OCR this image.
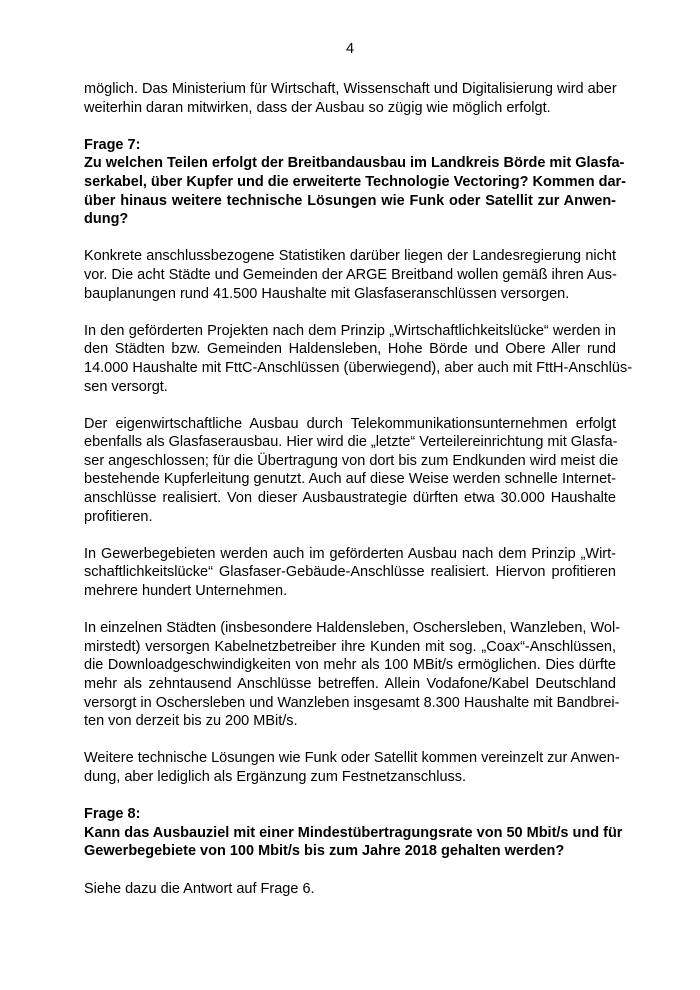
4
möglich. Das Ministerium für Wirtschaft, Wissenschaft und Digitalisierung wird aber
weiterhin daran mitwirken, dass der Ausbau so zügig wie möglich erfolgt.
Frage 7:
Zu welchen Teilen erfolgt der Breitbandausbau im Landkreis Börde mit Glasfa-
serkabel, über Kupfer und die erweiterte Technologie Vectoring? Kommen dar-
über hinaus weitere technische Lösungen wie Funk oder Satellit zur Anwen-
dung?
Konkrete anschlussbezogene Statistiken darüber liegen der Landesregierung nicht
vor. Die acht Städte und Gemeinden der ARGE Breitband wollen gemäß ihren Aus-
bauplanungen rund 41.500 Haushalte mit Glasfaseranschlüssen versorgen.
In den geförderten Projekten nach dem Prinzip „Wirtschaftlichkeitslücke“ werden in
den Städten bzw. Gemeinden Haldensleben, Hohe Börde und Obere Aller rund
14.000 Haushalte mit FttC-Anschlüssen (überwiegend), aber auch mit FttH-Anschlüs-
sen versorgt.
Der eigenwirtschaftliche Ausbau durch Telekommunikationsunternehmen erfolgt
ebenfalls als Glasfaserausbau. Hier wird die „letzte“ Verteilereinrichtung mit Glasfa-
ser angeschlossen; für die Übertragung von dort bis zum Endkunden wird meist die
bestehende Kupferleitung genutzt. Auch auf diese Weise werden schnelle Internet-
anschlüsse realisiert. Von dieser Ausbaustrategie dürften etwa 30.000 Haushalte
profitieren.
In Gewerbegebieten werden auch im geförderten Ausbau nach dem Prinzip „Wirt-
schaftlichkeitslücke“ Glasfaser-Gebäude-Anschlüsse realisiert. Hiervon profitieren
mehrere hundert Unternehmen.
In einzelnen Städten (insbesondere Haldensleben, Oschersleben, Wanzleben, Wol-
mirstedt) versorgen Kabelnetzbetreiber ihre Kunden mit sog. „Coax“-Anschlüssen,
die Downloadgeschwindigkeiten von mehr als 100 MBit/s ermöglichen. Dies dürfte
mehr als zehntausend Anschlüsse betreffen. Allein Vodafone/Kabel Deutschland
versorgt in Oschersleben und Wanzleben insgesamt 8.300 Haushalte mit Bandbrei-
ten von derzeit bis zu 200 MBit/s.
Weitere technische Lösungen wie Funk oder Satellit kommen vereinzelt zur Anwen-
dung, aber lediglich als Ergänzung zum Festnetzanschluss.
Frage 8:
Kann das Ausbauziel mit einer Mindestübertragungsrate von 50 Mbit/s und für
Gewerbegebiete von 100 Mbit/s bis zum Jahre 2018 gehalten werden?
Siehe dazu die Antwort auf Frage 6.
